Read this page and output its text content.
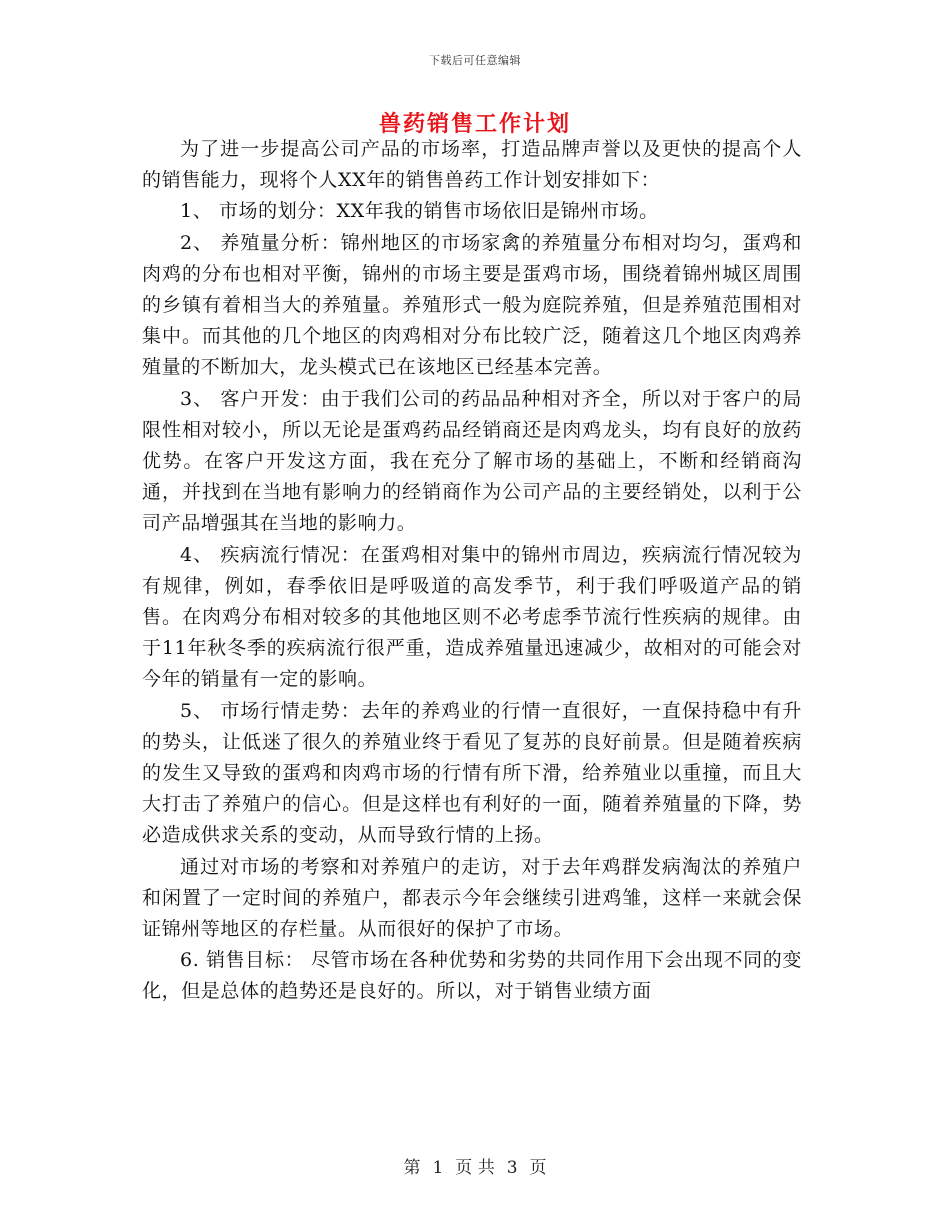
下载后可任意编辑
兽药销售工作计划

为了进一步提高公司产品的市场率，打造品牌声誉以及更快的提高个人的销售能力，现将个人XX年的销售兽药工作计划安排如下：

1、 市场的划分：XX年我的销售市场依旧是锦州市场。

2、 养殖量分析：锦州地区的市场家禽的养殖量分布相对均匀，蛋鸡和肉鸡的分布也相对平衡，锦州的市场主要是蛋鸡市场，围绕着锦州城区周围的乡镇有着相当大的养殖量。养殖形式一般为庭院养殖，但是养殖范围相对集中。而其他的几个地区的肉鸡相对分布比较广泛，随着这几个地区肉鸡养殖量的不断加大，龙头模式已在该地区已经基本完善。

3、 客户开发：由于我们公司的药品品种相对齐全，所以对于客户的局限性相对较小，所以无论是蛋鸡药品经销商还是肉鸡龙头，均有良好的放药优势。在客户开发这方面，我在充分了解市场的基础上，不断和经销商沟通，并找到在当地有影响力的经销商作为公司产品的主要经销处，以利于公司产品增强其在当地的影响力。

4、 疾病流行情况：在蛋鸡相对集中的锦州市周边，疾病流行情况较为有规律，例如，春季依旧是呼吸道的高发季节，利于我们呼吸道产品的销售。在肉鸡分布相对较多的其他地区则不必考虑季节流行性疾病的规律。由于11年秋冬季的疾病流行很严重，造成养殖量迅速减少，故相对的可能会对今年的销量有一定的影响。

5、 市场行情走势：去年的养鸡业的行情一直很好，一直保持稳中有升的势头，让低迷了很久的养殖业终于看见了复苏的良好前景。但是随着疾病的发生又导致的蛋鸡和肉鸡市场的行情有所下滑，给养殖业以重撞，而且大大打击了养殖户的信心。但是这样也有利好的一面，随着养殖量的下降，势必造成供求关系的变动，从而导致行情的上扬。

通过对市场的考察和对养殖户的走访，对于去年鸡群发病淘汰的养殖户和闲置了一定时间的养殖户，都表示今年会继续引进鸡雏，这样一来就会保证锦州等地区的存栏量。从而很好的保护了市场。

6. 销售目标： 尽管市场在各种优势和劣势的共同作用下会出现不同的变化，但是总体的趋势还是良好的。所以，对于销售业绩方面

第 1 页 共 3 页
